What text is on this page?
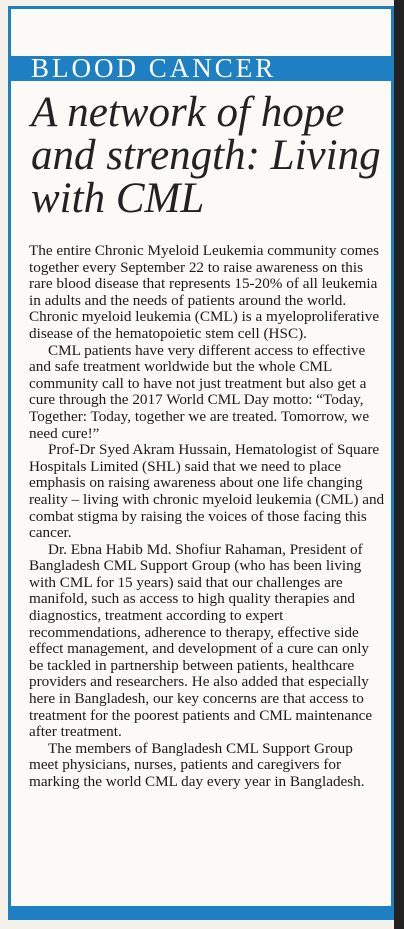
BLOOD CANCER
A network of hope and strength: Living with CML

The entire Chronic Myeloid Leukemia community comes together every September 22 to raise awareness on this rare blood disease that represents 15-20% of all leukemia in adults and the needs of patients around the world. Chronic myeloid leukemia (CML) is a myeloproliferative disease of the hematopoietic stem cell (HSC).

CML patients have very different access to effective and safe treatment worldwide but the whole CML community call to have not just treatment but also get a cure through the 2017 World CML Day motto: “Today, Together: Today, together we are treated. Tomorrow, we need cure!”

Prof-Dr Syed Akram Hussain, Hematologist of Square Hospitals Limited (SHL) said that we need to place emphasis on raising awareness about one life changing reality – living with chronic myeloid leukemia (CML) and combat stigma by raising the voices of those facing this cancer.

Dr. Ebna Habib Md. Shofiur Rahaman, President of Bangladesh CML Support Group (who has been living with CML for 15 years) said that our challenges are manifold, such as access to high quality therapies and diagnostics, treatment according to expert recommendations, adherence to therapy, effective side effect management, and development of a cure can only be tackled in partnership between patients, healthcare providers and researchers. He also added that especially here in Bangladesh, our key concerns are that access to treatment for the poorest patients and CML maintenance after treatment.

The members of Bangladesh CML Support Group meet physicians, nurses, patients and caregivers for marking the world CML day every year in Bangladesh.
